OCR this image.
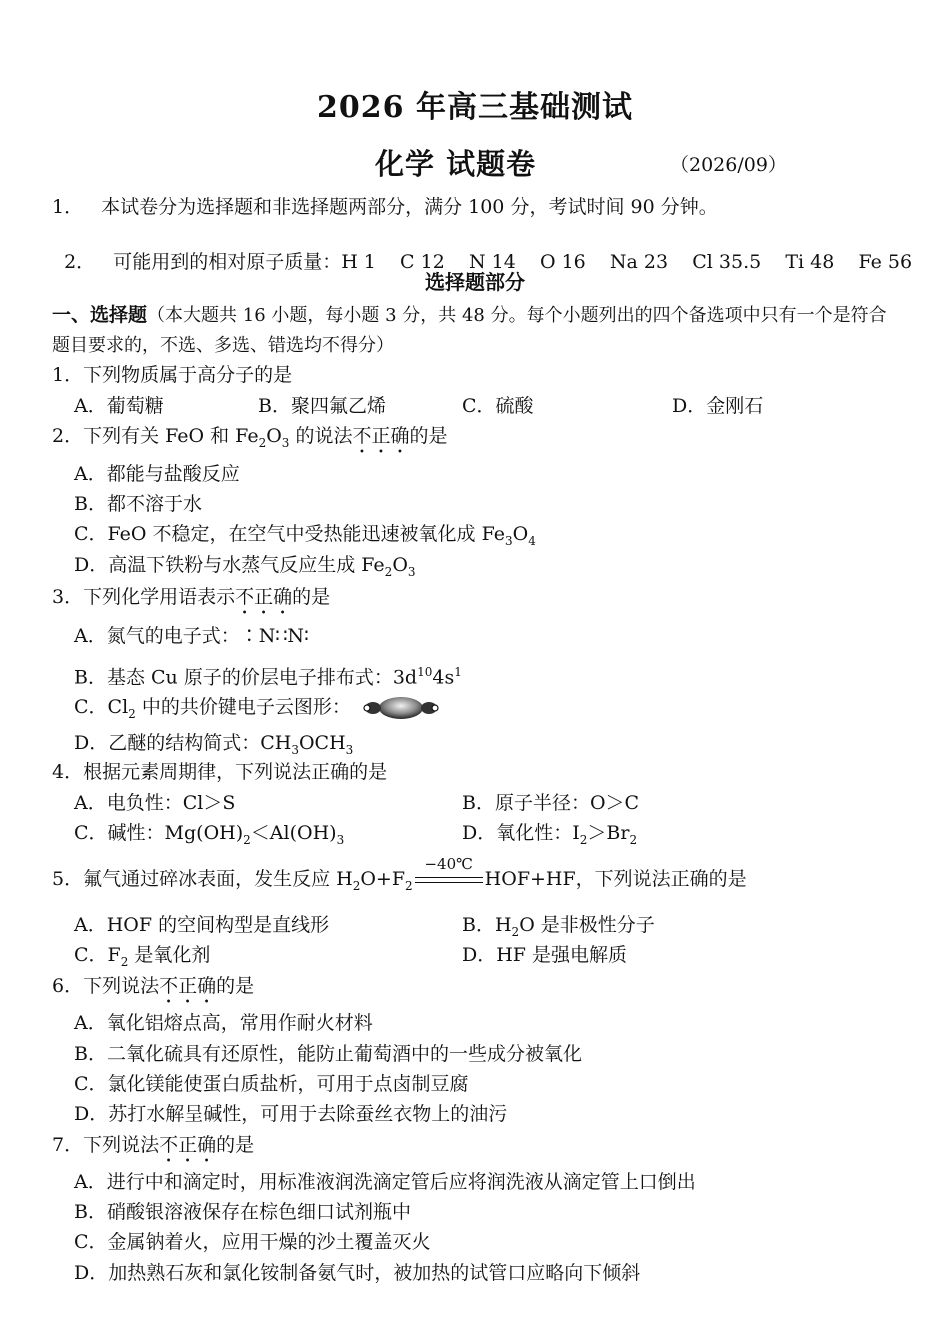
2026 年高三基础测试
化学 试题卷	（2026/09）
1． 本试卷分为选择题和非选择题两部分，满分 100 分，考试时间 90 分钟。

2． 可能用到的相对原子质量：H 1    C 12    N 14    O 16    Na 23    Cl 35.5    Ti 48    Fe 56

选择题部分
一、选择题（本大题共 16 小题，每小题 3 分，共 48 分。每个小题列出的四个备选项中只有一个是符合题目要求的，不选、多选、错选均不得分）
1．下列物质属于高分子的是
A．葡萄糖	B．聚四氟乙烯	C．硫酸	D．金刚石
2．下列有关 FeO 和 $Fe_2O_3$ 的说法不正确的是
A．都能与盐酸反应
B．都不溶于水
C．FeO 不稳定，在空气中受热能迅速被氧化成 $Fe_3O_4$
D．高温下铁粉与水蒸气反应生成 $Fe_2O_3$
3．下列化学用语表示不正确的是
A．氮气的电子式：∶N∷N∶
B．基态 Cu 原子的价层电子排布式：$3d^{10}4s^1$
C．$Cl_2$ 中的共价键电子云图形：
D．乙醚的结构简式：$CH_3OCH_3$
4．根据元素周期律，下列说法正确的是
A．电负性：Cl＞S	B．原子半径：O＞C
C．碱性：$Mg(OH)_2<Al(OH)_3$	D．氧化性：$I_2>Br_2$
5．氟气通过碎冰表面，发生反应 $H_2O+F_2$
−40℃
HOF+HF，下列说法正确的是
A．HOF 的空间构型是直线形	B．$H_2O$ 是非极性分子
C．$F_2$ 是氧化剂	D．HF 是强电解质
6．下列说法不正确的是
A．氧化铝熔点高，常用作耐火材料
B．二氧化硫具有还原性，能防止葡萄酒中的一些成分被氧化
C．氯化镁能使蛋白质盐析，可用于点卤制豆腐
D．苏打水解呈碱性，可用于去除蚕丝衣物上的油污
7．下列说法不正确的是
A．进行中和滴定时，用标准液润洗滴定管后应将润洗液从滴定管上口倒出
B．硝酸银溶液保存在棕色细口试剂瓶中
C．金属钠着火，应用干燥的沙土覆盖灭火
D．加热熟石灰和氯化铵制备氨气时，被加热的试管口应略向下倾斜
